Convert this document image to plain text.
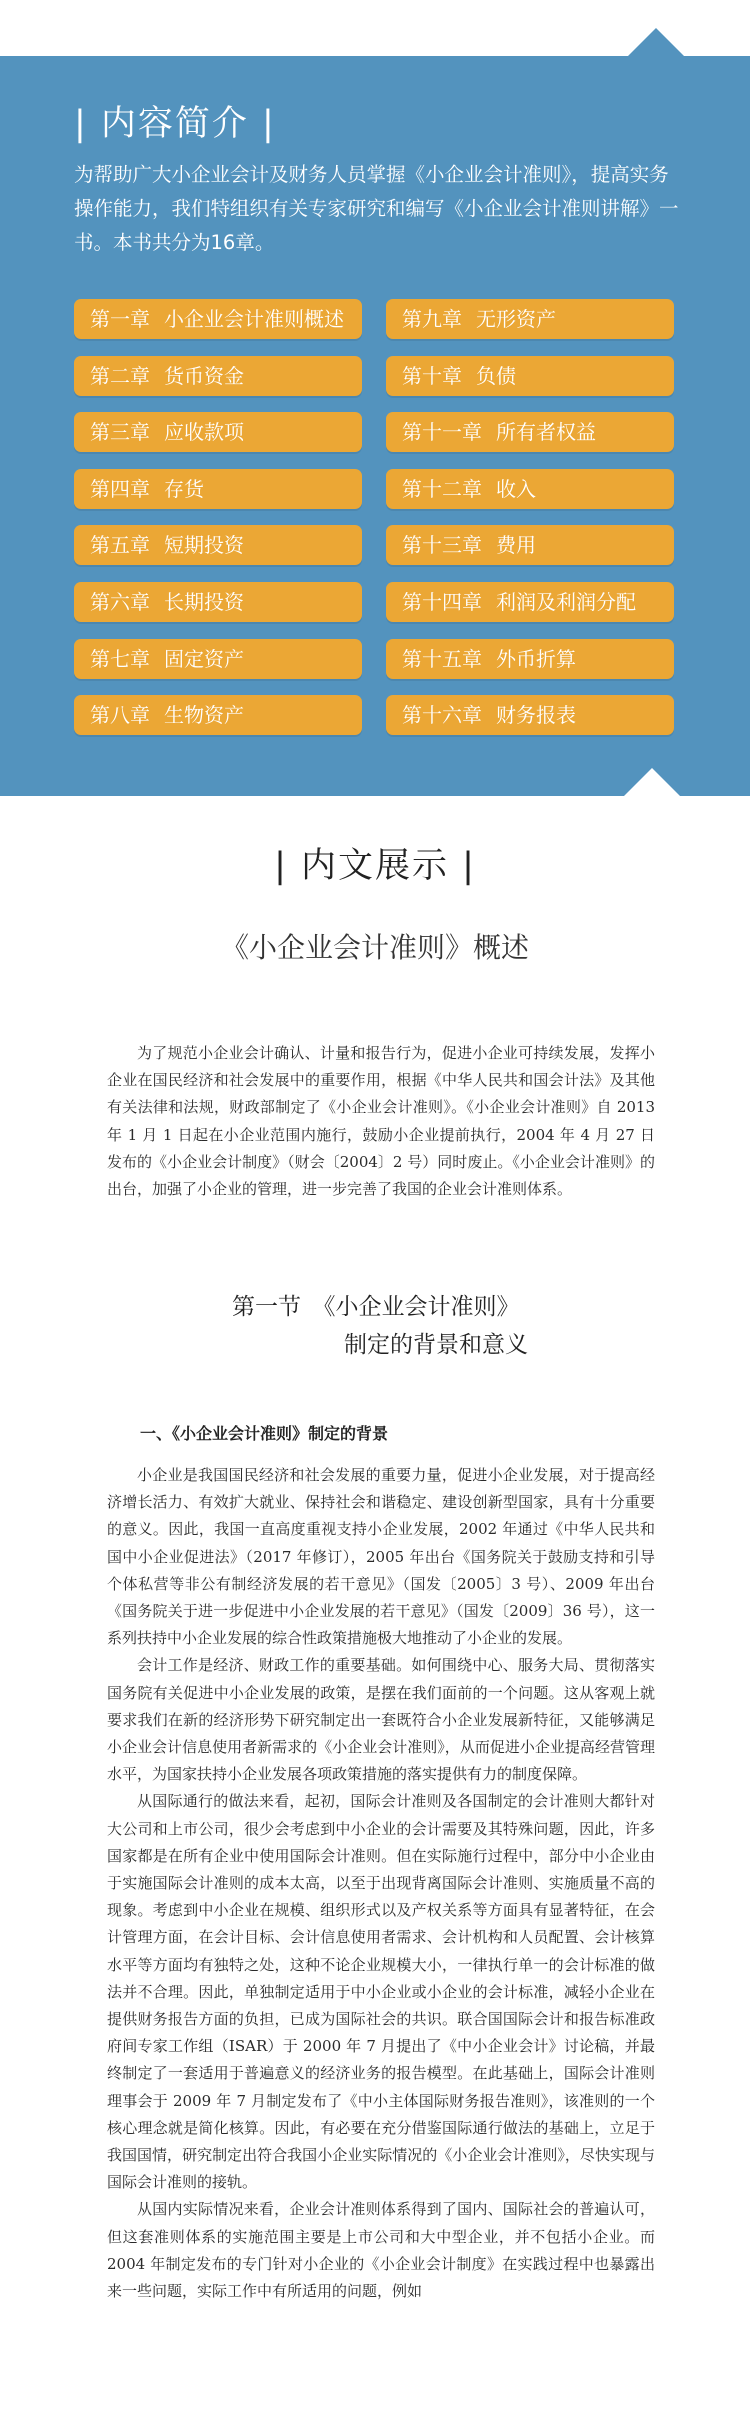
| 内容简介 |
为帮助广大小企业会计及财务人员掌握《小企业会计准则》，提高实务操作能力，我们特组织有关专家研究和编写《小企业会计准则讲解》一书。本书共分为16章。
第一章 小企业会计准则概述
第二章 货币资金
第三章 应收款项
第四章 存货
第五章 短期投资
第六章 长期投资
第七章 固定资产
第八章 生物资产
第九章 无形资产
第十章 负债
第十一章 所有者权益
第十二章 收入
第十三章 费用
第十四章 利润及利润分配
第十五章 外币折算
第十六章 财务报表
| 内文展示 |
《小企业会计准则》概述

为了规范小企业会计确认、计量和报告行为，促进小企业可持续发展，发挥小企业在国民经济和社会发展中的重要作用，根据《中华人民共和国会计法》及其他有关法律和法规，财政部制定了《小企业会计准则》。《小企业会计准则》自 2013 年 1 月 1 日起在小企业范围内施行，鼓励小企业提前执行，2004 年 4 月 27 日发布的《小企业会计制度》（财会〔2004〕2 号）同时废止。《小企业会计准则》的出台，加强了小企业的管理，进一步完善了我国的企业会计准则体系。

第一节　《小企业会计准则》
制定的背景和意义
一、《小企业会计准则》制定的背景

小企业是我国国民经济和社会发展的重要力量，促进小企业发展，对于提高经济增长活力、有效扩大就业、保持社会和谐稳定、建设创新型国家，具有十分重要的意义。因此，我国一直高度重视支持小企业发展，2002 年通过《中华人民共和国中小企业促进法》（2017 年修订），2005 年出台《国务院关于鼓励支持和引导个体私营等非公有制经济发展的若干意见》（国发〔2005〕3 号）、2009 年出台《国务院关于进一步促进中小企业发展的若干意见》（国发〔2009〕36 号），这一系列扶持中小企业发展的综合性政策措施极大地推动了小企业的发展。

会计工作是经济、财政工作的重要基础。如何围绕中心、服务大局、贯彻落实国务院有关促进中小企业发展的政策，是摆在我们面前的一个问题。这从客观上就要求我们在新的经济形势下研究制定出一套既符合小企业发展新特征，又能够满足小企业会计信息使用者新需求的《小企业会计准则》，从而促进小企业提高经营管理水平，为国家扶持小企业发展各项政策措施的落实提供有力的制度保障。

从国际通行的做法来看，起初，国际会计准则及各国制定的会计准则大都针对大公司和上市公司，很少会考虑到中小企业的会计需要及其特殊问题，因此，许多国家都是在所有企业中使用国际会计准则。但在实际施行过程中，部分中小企业由于实施国际会计准则的成本太高，以至于出现背离国际会计准则、实施质量不高的现象。考虑到中小企业在规模、组织形式以及产权关系等方面具有显著特征，在会计管理方面，在会计目标、会计信息使用者需求、会计机构和人员配置、会计核算水平等方面均有独特之处，这种不论企业规模大小，一律执行单一的会计标准的做法并不合理。因此，单独制定适用于中小企业或小企业的会计标准，减轻小企业在提供财务报告方面的负担，已成为国际社会的共识。联合国国际会计和报告标准政府间专家工作组（ISAR）于 2000 年 7 月提出了《中小企业会计》讨论稿，并最终制定了一套适用于普遍意义的经济业务的报告模型。在此基础上，国际会计准则理事会于 2009 年 7 月制定发布了《中小主体国际财务报告准则》，该准则的一个核心理念就是简化核算。因此，有必要在充分借鉴国际通行做法的基础上，立足于我国国情，研究制定出符合我国小企业实际情况的《小企业会计准则》，尽快实现与国际会计准则的接轨。

从国内实际情况来看，企业会计准则体系得到了国内、国际社会的普遍认可，但这套准则体系的实施范围主要是上市公司和大中型企业，并不包括小企业。而 2004 年制定发布的专门针对小企业的《小企业会计制度》在实践过程中也暴露出来一些问题，实际工作中有所适用的问题，例如
